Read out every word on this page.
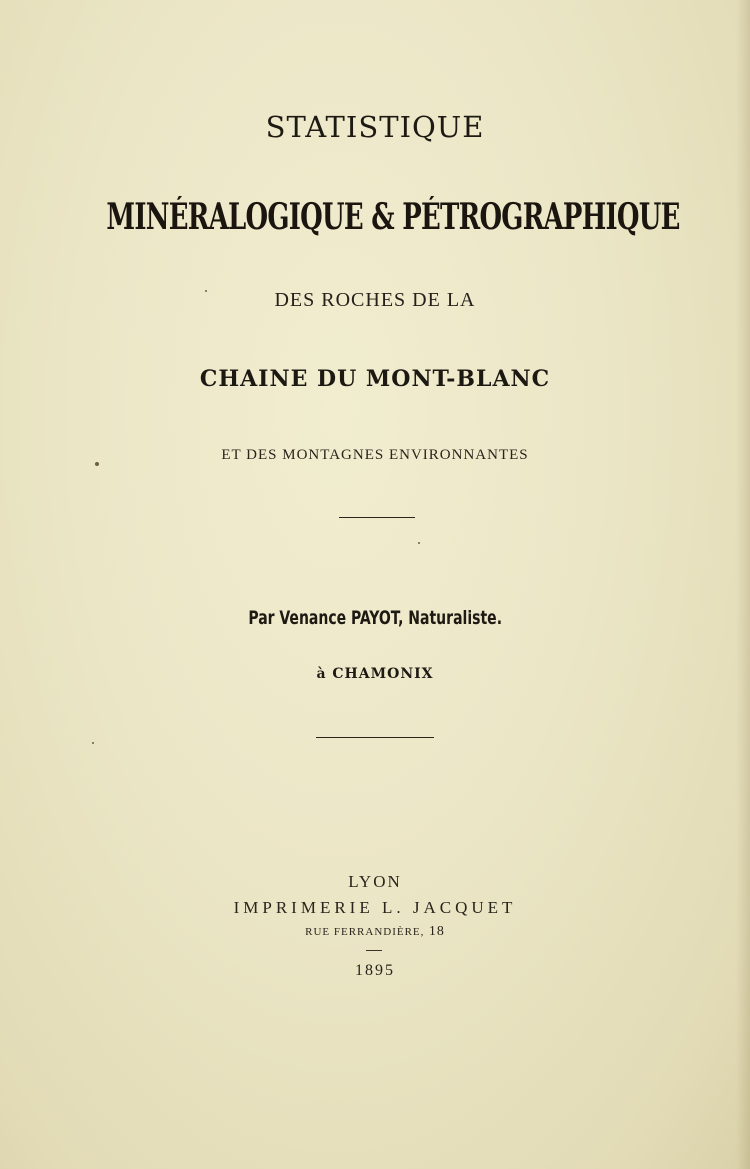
STATISTIQUE
MINÉRALOGIQUE & PÉTROGRAPHIQUE
DES ROCHES DE LA
CHAINE DU MONT-BLANC
ET DES MONTAGNES ENVIRONNANTES
Par Venance PAYOT, Naturaliste.
à CHAMONIX
LYON
IMPRIMERIE L. JACQUET
RUE FERRANDIÈRE, 18
1895
